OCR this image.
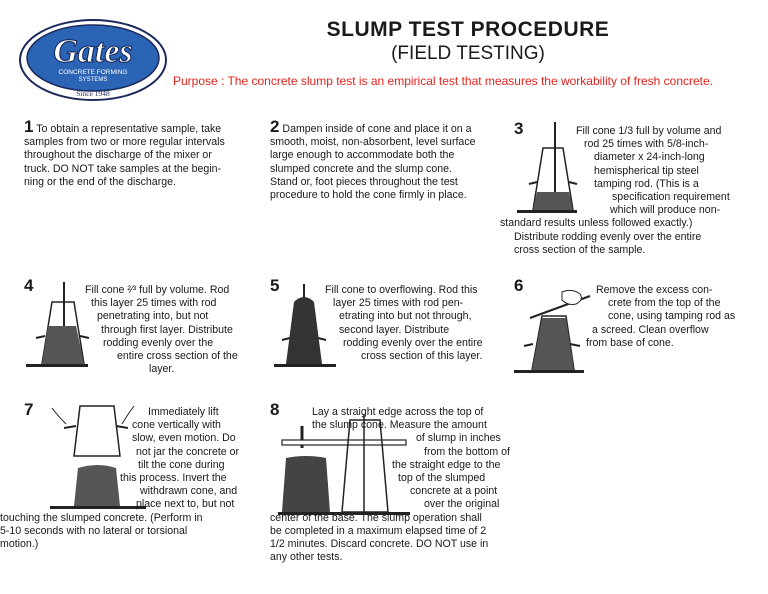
Gates
CONCRETE FORMING
SYSTEMS
Since 1948
SLUMP TEST PROCEDURE
(FIELD TESTING)
Purpose : The concrete slump test is an empirical test that measures the workability of fresh concrete.
1 To obtain a representative sample, take
samples from two or more regular intervals
throughout the discharge of the mixer or
truck. DO NOT take samples at the begin-
ning or the end of the discharge.
2 Dampen inside of cone and place it on a
smooth, moist, non-absorbent, level surface
large enough to accommodate both the
slumped concrete and the slump cone.
Stand or, foot pieces throughout the test
procedure to hold the cone firmly in place.
3	Fill cone 1/3 full by volume and
rod 25 times with 5/8-inch-
diameter x 24-inch-long
hemispherical tip steel
tamping rod. (This is a
specification requirement
which will produce non-
standard results unless followed exactly.)
Distribute rodding evenly over the entire
cross section of the sample.
4	Fill cone ²⁄³ full by volume. Rod
this layer 25 times with rod
penetrating into, but not
through first layer. Distribute
rodding evenly over the
entire cross section of the
layer.
5	Fill cone to overflowing. Rod this
layer 25 times with rod pen-
etrating into but not through,
second layer. Distribute
rodding evenly over the entire
cross section of this layer.
6	Remove the excess con-
crete from the top of the
cone, using tamping rod as
a screed. Clean overflow
from base of cone.
7	Immediately lift
cone vertically with
slow, even motion. Do
not jar the concrete or
tilt the cone during
this process. Invert the
withdrawn cone, and
place next to, but not
touching the slumped concrete. (Perform in
5-10 seconds with no lateral or torsional
motion.)
8	Lay a straight edge across the top of
the slump cone. Measure the amount
of slump in inches
from the bottom of
the straight edge to the
top of the slumped
concrete at a point
over the original
center of the base. The slump operation shall
be completed in a maximum elapsed time of 2
1/2 minutes. Discard concrete. DO NOT use in
any other tests.
